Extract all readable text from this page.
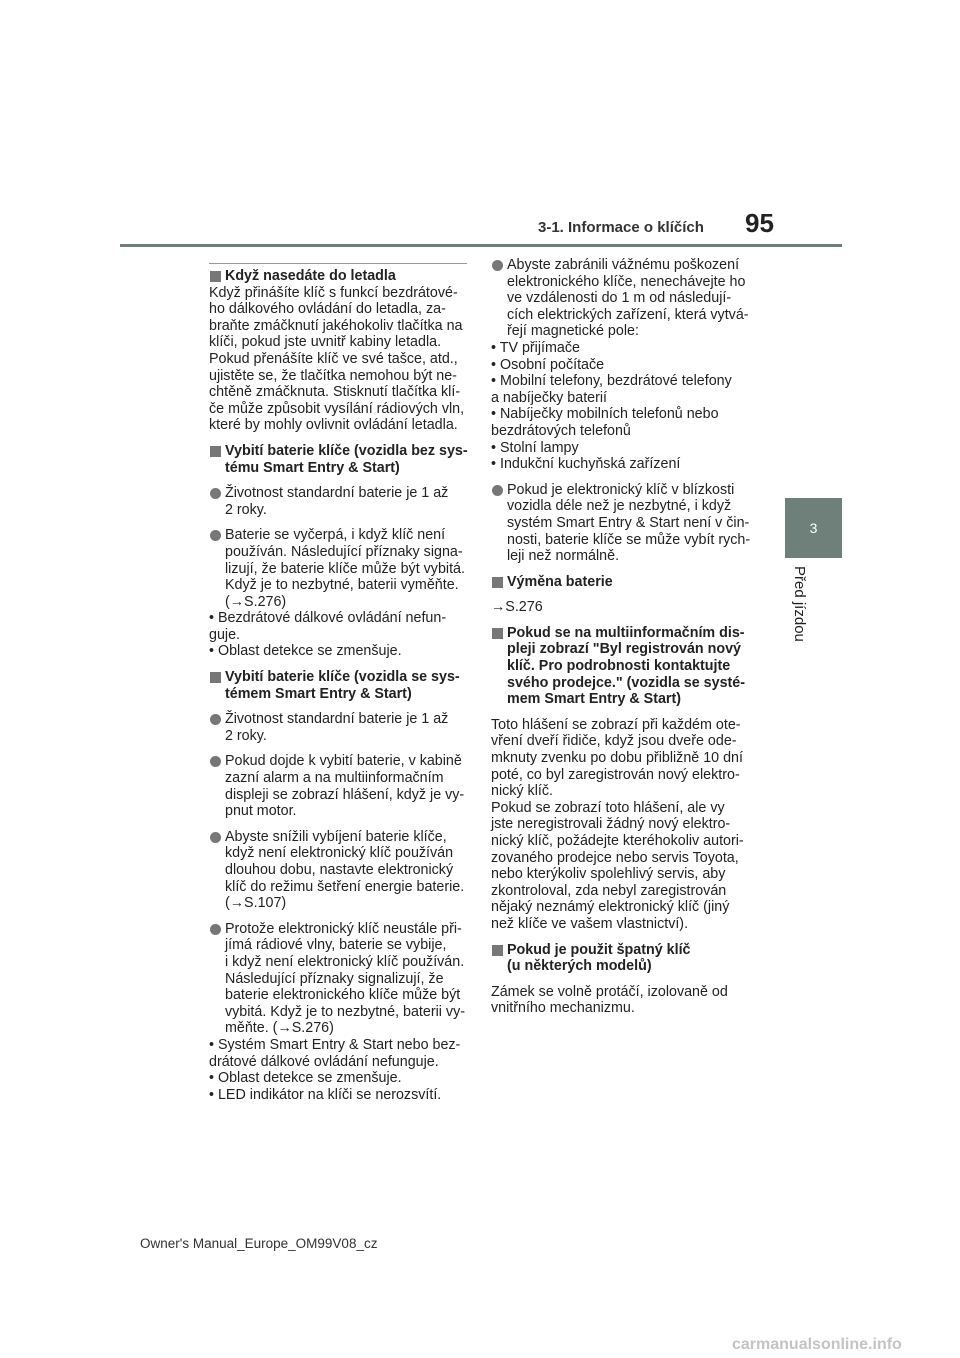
3-1. Informace o klíčích 95
3
Před jízdou
Když nasedáte do letadla
Když přinášíte klíč s funkcí bezdrátové-
ho dálkového ovládání do letadla, za-
braňte zmáčknutí jakéhokoliv tlačítka na
klíči, pokud jste uvnitř kabiny letadla.
Pokud přenášíte klíč ve své tašce, atd.,
ujistěte se, že tlačítka nemohou být ne-
chtěně zmáčknuta. Stisknutí tlačítka klí-
če může způsobit vysílání rádiových vln,
které by mohly ovlivnit ovládání letadla.
Vybití baterie klíče (vozidla bez sys-
tému Smart Entry & Start)
Životnost standardní baterie je 1 až
2 roky.
Baterie se vyčerpá, i když klíč není
používán. Následující příznaky signa-
lizují, že baterie klíče může být vybitá.
Když je to nezbytné, baterii vyměňte.
(→S.276)
• Bezdrátové dálkové ovládání nefun-
guje.
• Oblast detekce se zmenšuje.
Vybití baterie klíče (vozidla se sys-
témem Smart Entry & Start)
Životnost standardní baterie je 1 až
2 roky.
Pokud dojde k vybití baterie, v kabině
zazní alarm a na multiinformačním
displeji se zobrazí hlášení, když je vy-
pnut motor.
Abyste snížili vybíjení baterie klíče,
když není elektronický klíč používán
dlouhou dobu, nastavte elektronický
klíč do režimu šetření energie baterie.
(→S.107)
Protože elektronický klíč neustále při-
jímá rádiové vlny, baterie se vybije,
i když není elektronický klíč používán.
Následující příznaky signalizují, že
baterie elektronického klíče může být
vybitá. Když je to nezbytné, baterii vy-
měňte. (→S.276)
• Systém Smart Entry & Start nebo bez-
drátové dálkové ovládání nefunguje.
• Oblast detekce se zmenšuje.
• LED indikátor na klíči se nerozsvítí.
Abyste zabránili vážnému poškození
elektronického klíče, nenechávejte ho
ve vzdálenosti do 1 m od následují-
cích elektrických zařízení, která vytvá-
řejí magnetické pole:
• TV přijímače
• Osobní počítače
• Mobilní telefony, bezdrátové telefony
a nabíječky baterií
• Nabíječky mobilních telefonů nebo
bezdrátových telefonů
• Stolní lampy
• Indukční kuchyňská zařízení
Pokud je elektronický klíč v blízkosti
vozidla déle než je nezbytné, i když
systém Smart Entry & Start není v čin-
nosti, baterie klíče se může vybít rych-
leji než normálně.
Výměna baterie
→S.276
Pokud se na multiinformačním dis-
pleji zobrazí "Byl registrován nový
klíč. Pro podrobnosti kontaktujte
svého prodejce." (vozidla se systé-
mem Smart Entry & Start)
Toto hlášení se zobrazí při každém ote-
vření dveří řidiče, když jsou dveře ode-
mknuty zvenku po dobu přibližně 10 dní
poté, co byl zaregistrován nový elektro-
nický klíč.
Pokud se zobrazí toto hlášení, ale vy
jste neregistrovali žádný nový elektro-
nický klíč, požádejte kteréhokoliv autori-
zovaného prodejce nebo servis Toyota,
nebo kterýkoliv spolehlivý servis, aby
zkontroloval, zda nebyl zaregistrován
nějaký neznámý elektronický klíč (jiný
než klíče ve vašem vlastnictví).
Pokud je použit špatný klíč
(u některých modelů)
Zámek se volně protáčí, izolovaně od
vnitřního mechanizmu.
Owner's Manual_Europe_OM99V08_cz
carmanualsonline.info
